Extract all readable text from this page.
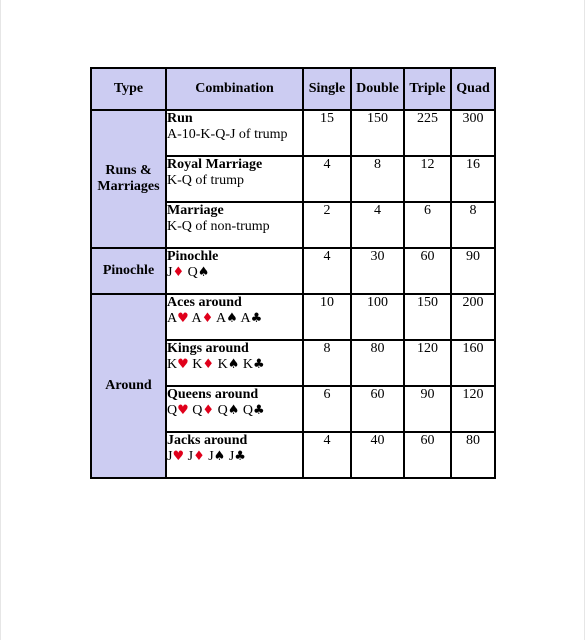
Type	Combination	Single	Double	Triple	Quad
Runs & Marriages	Run
A-10-K-Q-J of trump	15	150	225	300

	Royal Marriage
K-Q of trump	4	8	12	16

	Marriage
K-Q of non-trump	2	4	6	8
Pinochle	Pinochle
J♦ Q♠	4	30	60	90
Around	Aces around
A♥ A♦ A♠ A♣	10	100	150	200

	Kings around
K♥ K♦ K♠ K♣	8	80	120	160

	Queens around
Q♥ Q♦ Q♠ Q♣	6	60	90	120

	Jacks around
J♥ J♦ J♠ J♣	4	40	60	80
